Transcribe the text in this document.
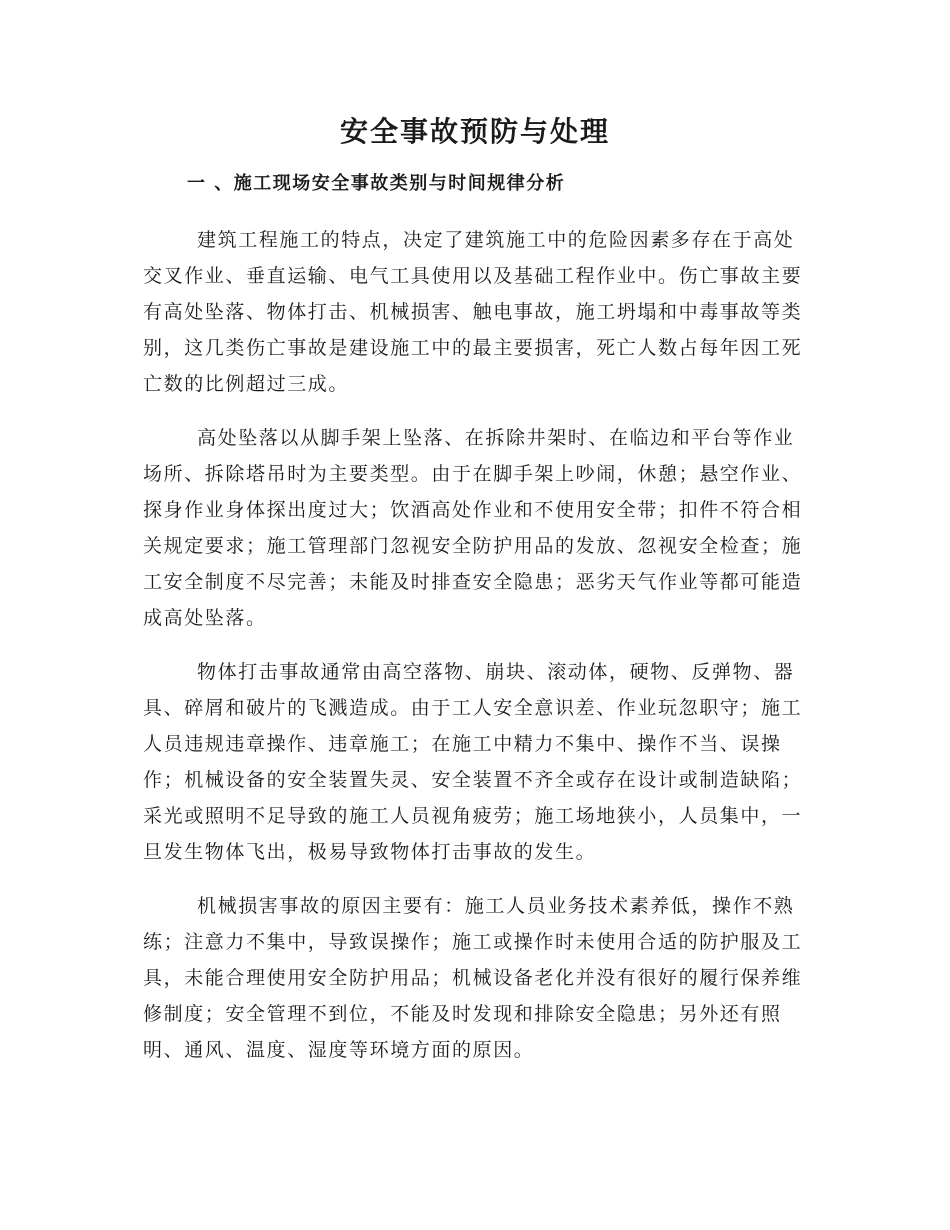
安全事故预防与处理
一 、施工现场安全事故类别与时间规律分析

建筑工程施工的特点，决定了建筑施工中的危险因素多存在于高处交叉作业、垂直运输、电气工具使用以及基础工程作业中。伤亡事故主要有高处坠落、物体打击、机械损害、触电事故，施工坍塌和中毒事故等类别，这几类伤亡事故是建设施工中的最主要损害，死亡人数占每年因工死亡数的比例超过三成。

高处坠落以从脚手架上坠落、在拆除井架时、在临边和平台等作业场所、拆除塔吊时为主要类型。由于在脚手架上吵闹，休憩；悬空作业、探身作业身体探出度过大；饮酒高处作业和不使用安全带；扣件不符合相关规定要求；施工管理部门忽视安全防护用品的发放、忽视安全检查；施工安全制度不尽完善；未能及时排查安全隐患；恶劣天气作业等都可能造成高处坠落。

物体打击事故通常由高空落物、崩块、滚动体，硬物、反弹物、器具、碎屑和破片的飞溅造成。由于工人安全意识差、作业玩忽职守；施工人员违规违章操作、违章施工；在施工中精力不集中、操作不当、误操作；机械设备的安全装置失灵、安全装置不齐全或存在设计或制造缺陷；采光或照明不足导致的施工人员视角疲劳；施工场地狭小，人员集中，一旦发生物体飞出，极易导致物体打击事故的发生。

机械损害事故的原因主要有：施工人员业务技术素养低，操作不熟练；注意力不集中，导致误操作；施工或操作时未使用合适的防护服及工具，未能合理使用安全防护用品；机械设备老化并没有很好的履行保养维修制度；安全管理不到位，不能及时发现和排除安全隐患；另外还有照明、通风、温度、湿度等环境方面的原因。
